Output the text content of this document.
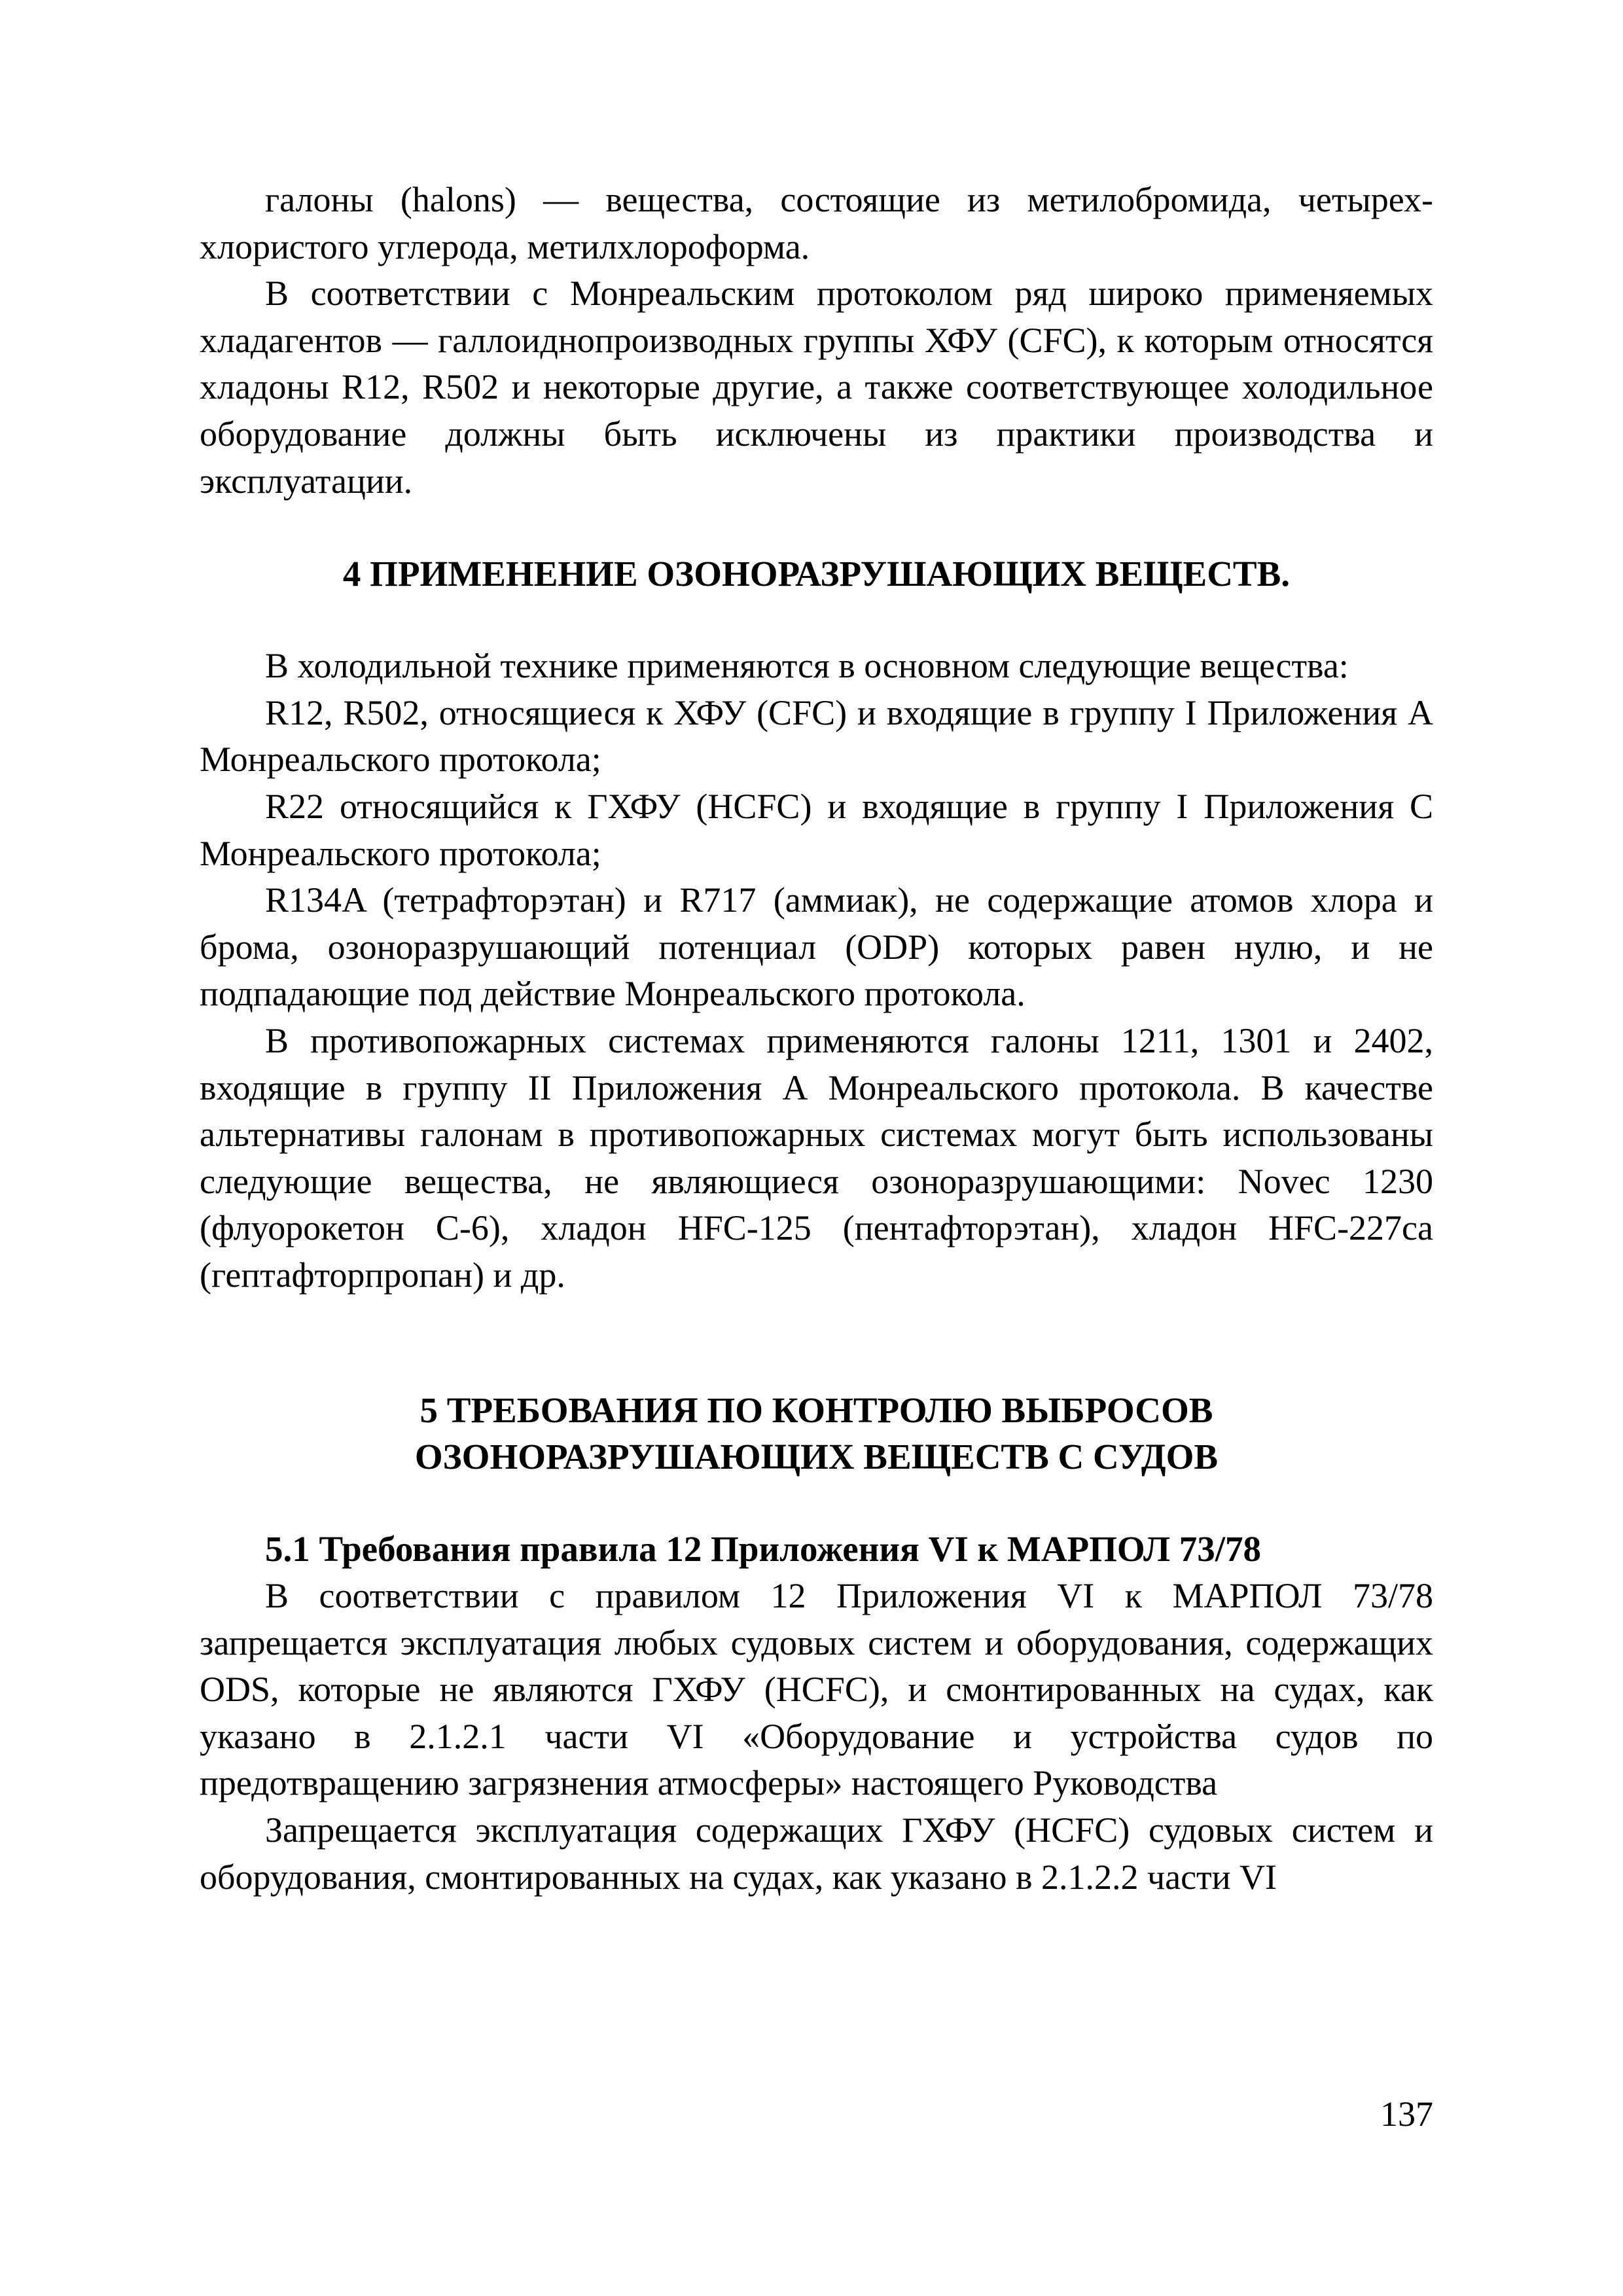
галоны (halons) — вещества, состоящие из метилобромида, четырех-хлористого углерода, метилхлороформа.

В соответствии с Монреальским протоколом ряд широко применяемых хладагентов — галлоиднопроизводных группы ХФУ (CFC), к которым относятся хладоны R12, R502 и некоторые другие, а также соответствующее холодильное оборудование должны быть исключены из практики производства и эксплуатации.

4 ПРИМЕНЕНИЕ ОЗОНОРАЗРУШАЮЩИХ ВЕЩЕСТВ.

В холодильной технике применяются в основном следующие вещества:

R12, R502, относящиеся к ХФУ (CFC) и входящие в группу I Приложения А Монреальского протокола;

R22 относящийся к ГХФУ (HCFC) и входящие в группу I Приложения С Монреальского протокола;

R134A (тетрафторэтан) и R717 (аммиак), не содержащие атомов хлора и брома, озоноразрушающий потенциал (ODP) которых равен нулю, и не подпадающие под действие Монреальского протокола.

В противопожарных системах применяются галоны 1211, 1301 и 2402, входящие в группу II Приложения А Монреальского протокола. В качестве альтернативы галонам в противопожарных системах могут быть использованы следующие вещества, не являющиеся озоноразрушающими: Novec 1230 (флуорокетон С-6), хладон HFC-125 (пентафторэтан), хладон HFC-227ca (гептафторпропан) и др.

5 ТРЕБОВАНИЯ ПО КОНТРОЛЮ ВЫБРОСОВ
ОЗОНОРАЗРУШАЮЩИХ ВЕЩЕСТВ С СУДОВ
5.1 Требования правила 12 Приложения VI к МАРПОЛ 73/78

В соответствии с правилом 12 Приложения VI к МАРПОЛ 73/78 запрещается эксплуатация любых судовых систем и оборудования, содержащих ODS, которые не являются ГХФУ (HCFC), и смонтированных на судах, как указано в 2.1.2.1 части VI «Оборудование и устройства судов по предотвращению загрязнения атмосферы» настоящего Руководства

Запрещается эксплуатация содержащих ГХФУ (HCFC) судовых систем и оборудования, смонтированных на судах, как указано в 2.1.2.2 части VI

137
